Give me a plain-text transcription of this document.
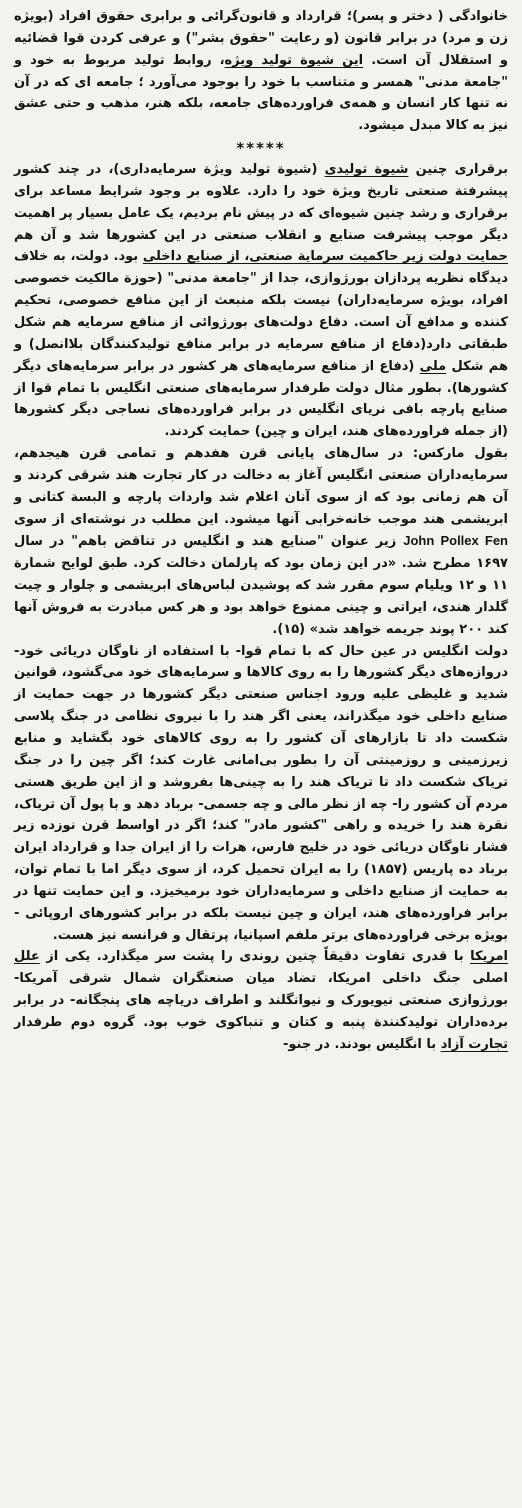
خانوادگی ( دختر و پسر)؛ قرارداد و قانون‌گرائی و برابری حقوق افراد (بویژه زن و مرد) در برابر قانون (و رعایت "حقوق بشر") و عرفی کردن قوا قضائیه و استقلال آن است. این شیوة تولید ویژه، روابط تولید مربوط به خود و "جامعة مدنی" همسر و متناسب با خود را بوجود می‌آورد ؛ جامعه ای که در آن نه تنها کار انسان و همه‌ی فراورده‌های جامعه، بلکه هنر، مذهب و حتی عشق نیز به کالا مبدل میشود.

*****

برقراری چنین شیوة تولیدی (شیوة تولید ویژة سرمایه‌داری)، در چند کشور پیشرفتة صنعتی تاریخ ویژة خود را دارد. علاوه بر وجود شرایط مساعد برای برقراری و رشد چنین شیوه‌ای که در پیش نام بردیم، یک عامل بسیار پر اهمیت دیگر موجب پیشرفت صنایع و انقلاب صنعتی در این کشورها شد و آن هم حمایت دولت زیر حاکمیت سرمایة صنعتی، از صنایع داخلی بود. دولت، به خلاف دیدگاه نظریه پردازان بورژوازی، جدا از "جامعة مدنی" (حوزة مالکیت خصوصی افراد، بویژه سرمایه‌داران) نیست بلکه منبعث از این منافع خصوصی، تحکیم کننده و مدافع آن است. دفاع دولت‌های بورژوائی از منافع سرمایه هم شکل طبقاتی دارد(دفاع از منافع سرمایه در برابر منافع تولیدکنندگان بلاانصل) و هم شکل ملی (دفاع از منافع سرمایه‌های هر کشور در برابر سرمایه‌های دیگر کشورها). بطور مثال دولت طرفدار سرمایه‌های صنعتی انگلیس با تمام قوا از صنایع پارچه بافی نریای انگلیس در برابر فراورده‌های نساجی دیگر کشورها (از جمله فراورده‌های هند، ایران و چین) حمایت کردند.

بقول مارکس: در سال‌های پایانی قرن هفدهم و تمامی قرن هیجدهم، سرمایه‌داران صنعتی انگلیس آغاز به دخالت در کار تجارت هند شرقی کردند و آن هم زمانی بود که از سوی آنان اعلام شد واردات پارچه و البسة کتانی و ابریشمی هند موجب خانه‌خرابی آنها میشود. این مطلب در نوشته‌ای از سوی John Pollex Fen زیر عنوان "صنایع هند و انگلیس در تناقض باهم" در سال ۱۶۹۷ مطرح شد. «در این زمان بود که پارلمان دخالت کرد. طبق لوایح شمارة ۱۱ و ۱۲ ویلیام سوم مقرر شد که پوشیدن لباس‌های ابریشمی و چلوار و چیت گلدار هندی، ایراتی و چینی ممنوع خواهد بود و هر کس مبادرت به فروش آنها کند ۲۰۰ پوند جریمه خواهد شد» (۱۵).

دولت انگلیس در عین حال که با تمام قوا- با استفاده از ناوگان دریائی خود- دروازه‌های دیگر کشورها را به روی کالاها و سرمایه‌های خود می‌گشود، قوانین شدید و غلیظی علیه ورود اجناس صنعتی دیگر کشورها در جهت حمایت از صنایع داخلی خود میگذراند، یعنی اگر هند را با نیروی نظامی در جنگ پلاسی شکست داد تا بازارهای آن کشور را به روی کالاهای خود بگشاید و منابع زیرزمینی و روزمینتی آن را بطور بی‌امانی غارت کند؛ اگر چین را در جنگ تریاک شکست داد تا تریاک هند را به چینی‌ها بفروشد و از این طریق هستی مردم آن کشور را- چه از نظر مالی و چه جسمی- برباد دهد و با پول آن تریاک، نقرة هند را خریده و راهی "کشور مادر" کند؛ اگر در اواسط قرن نوزده زیر فشار ناوگان دریائی خود در خلیج فارس، هرات را از ایران جدا و قرارداد ایران برباد ده پاریس (۱۸۵۷) را به ایران تحمیل کرد، از سوی دیگر اما با تمام توان، به حمایت از صنایع داخلی و سرمایه‌داران خود برمیخیزد. و این حمایت تنها در برابر فراورده‌های هند، ایران و چین نیست بلکه در برابر کشورهای اروپائی - بویژه برخی فراورده‌های برتر ملفم اسپانیا، پرتقال و فرانسه نیز هست.

امریکا با قدری تفاوت دقیقاً چنین روندی را پشت سر میگذارد. یکی از علل اصلی جنگ داخلی امریکا، تضاد میان صنعتگران شمال شرقی آمریکا- بورژوازی صنعتی نیویورک و نیوانگلند و اطراف دریاچه های پنجگانه- در برابر برده‌داران تولیدکنندة پنبه و کتان و تنباکوی خوب بود. گروه دوم طرفدار تجارت آزاد با انگلیس بودند. در جنو-
